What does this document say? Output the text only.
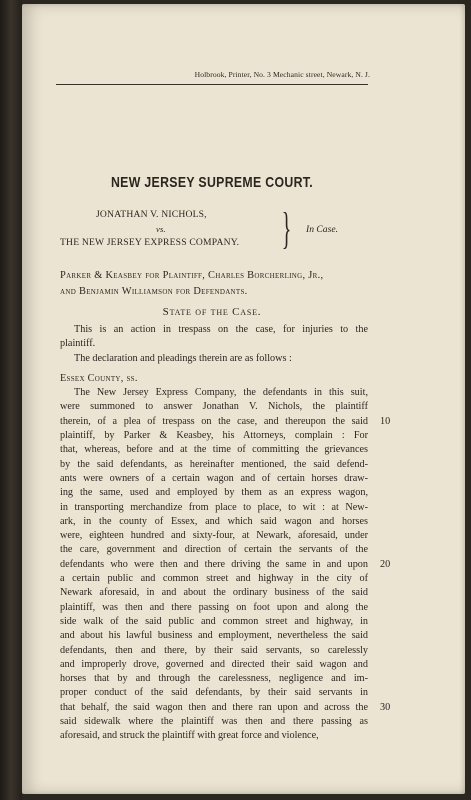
Holbrook, Printer, No. 3 Mechanic street, Newark, N. J.
NEW JERSEY SUPREME COURT.
JONATHAN V. NICHOLS,
vs.
THE NEW JERSEY EXPRESS COMPANY. } In Case.
Parker & Keasbey for Plaintiff, Charles Borcherling, Jr.,
and Benjamin Williamson for Defendants.
State of the Case.
This is an action in trespass on the case, for injuries to the
plaintiff.
The declaration and pleadings therein are as follows :

Essex County, ss.

The New Jersey Express Company, the defendants in this suit,
were summoned to answer Jonathan V. Nichols, the plaintiff
therein, of a plea of trespass on the case, and thereupon the said
plaintiff, by Parker & Keasbey, his Attorneys, complain : For
that, whereas, before and at the time of committing the grievances
by the said defendants, as hereinafter mentioned, the said defend-
ants were owners of a certain wagon and of certain horses draw-
ing the same, used and employed by them as an express wagon,
in transporting merchandize from place to place, to wit : at New-
ark, in the county of Essex, and which said wagon and horses
were, eighteen hundred and sixty-four, at Newark, aforesaid, under
the care, government and direction of certain the servants of the
defendants who were then and there driving the same in and upon
a certain public and common street and highway in the city of
Newark aforesaid, in and about the ordinary business of the said
plaintiff, was then and there passing on foot upon and along the
side walk of the said public and common street and highway, in
and about his lawful business and employment, nevertheless the said
defendants, then and there, by their said servants, so carelessly
and improperly drove, governed and directed their said wagon and
horses that by and through the carelessness, negligence and im-
proper conduct of the said defendants, by their said servants in
that behalf, the said wagon then and there ran upon and across the
said sidewalk where the plaintiff was then and there passing as
aforesaid, and struck the plaintiff with great force and violence,
10
20
30
